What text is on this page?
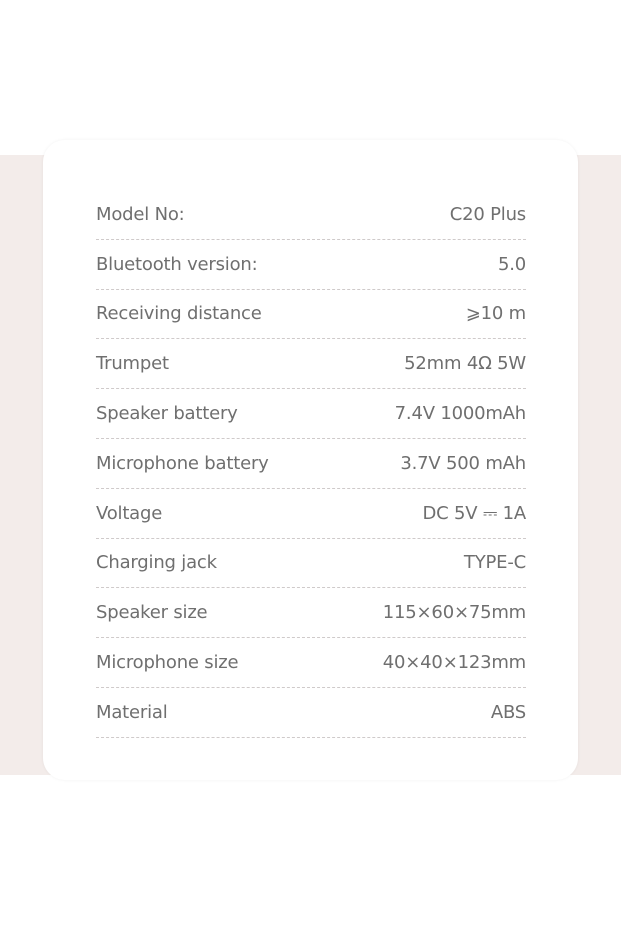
Model No:	C20 Plus
Bluetooth version:	5.0
Receiving distance	⩾10 m
Trumpet	52mm 4Ω 5W
Speaker battery	7.4V 1000mAh
Microphone battery	3.7V 500 mAh
Voltage	DC 5V ⎓ 1A
Charging jack	TYPE-C
Speaker size	115×60×75mm
Microphone size	40×40×123mm
Material	ABS
